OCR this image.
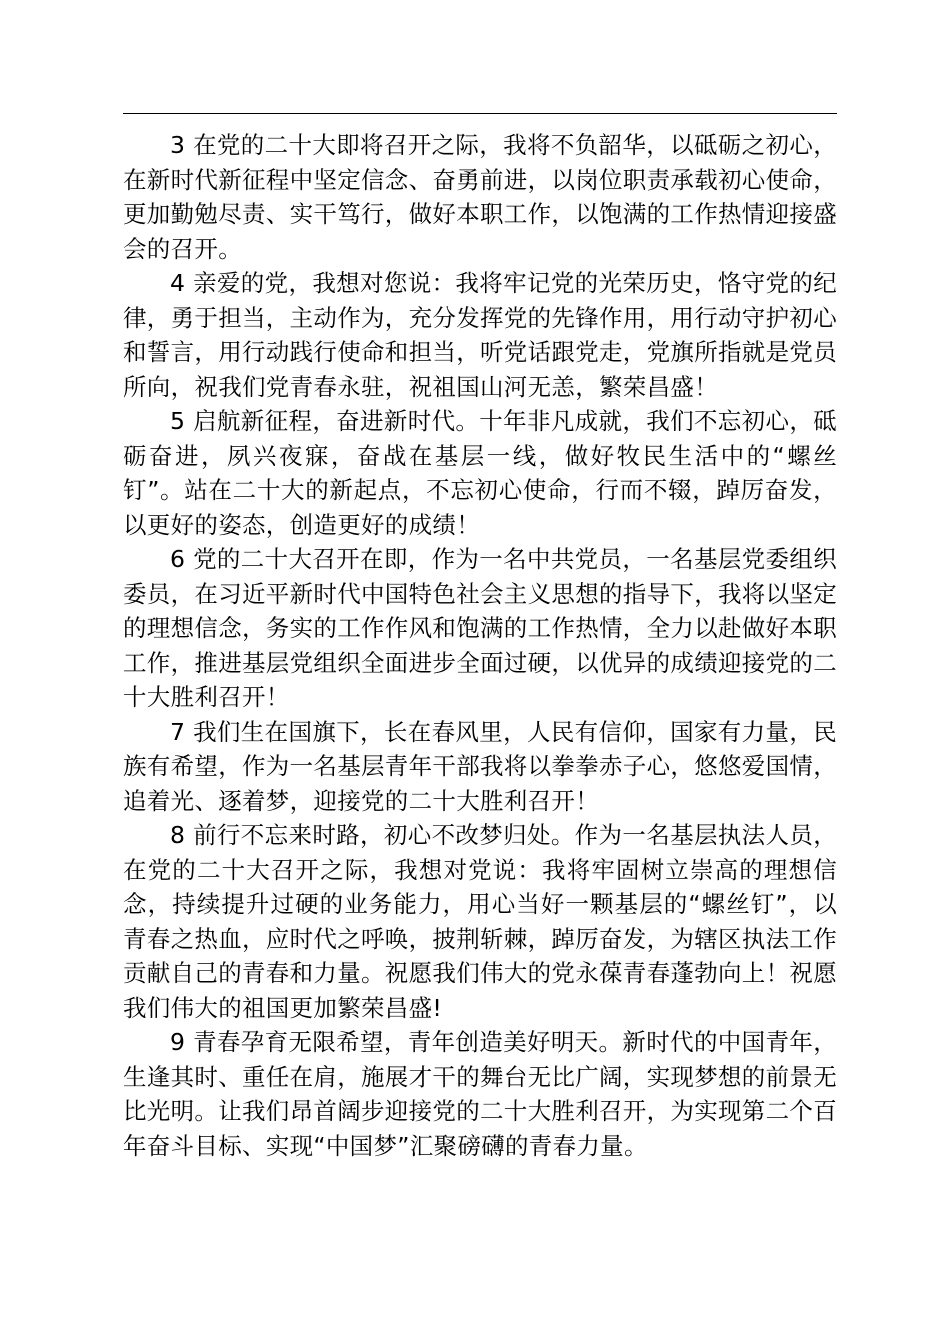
3 在党的二十大即将召开之际，我将不负韶华，以砥砺之初心，在新时代新征程中坚定信念、奋勇前进，以岗位职责承载初心使命，更加勤勉尽责、实干笃行，做好本职工作，以饱满的工作热情迎接盛会的召开。

4 亲爱的党，我想对您说：我将牢记党的光荣历史，恪守党的纪律，勇于担当，主动作为，充分发挥党的先锋作用，用行动守护初心和誓言，用行动践行使命和担当，听党话跟党走，党旗所指就是党员所向，祝我们党青春永驻，祝祖国山河无恙，繁荣昌盛！

5 启航新征程，奋进新时代。十年非凡成就，我们不忘初心，砥砺奋进，夙兴夜寐，奋战在基层一线，做好牧民生活中的“螺丝钉”。站在二十大的新起点，不忘初心使命，行而不辍，踔厉奋发，以更好的姿态，创造更好的成绩！

6 党的二十大召开在即，作为一名中共党员，一名基层党委组织委员，在习近平新时代中国特色社会主义思想的指导下，我将以坚定的理想信念，务实的工作作风和饱满的工作热情，全力以赴做好本职工作，推进基层党组织全面进步全面过硬，以优异的成绩迎接党的二十大胜利召开！

7 我们生在国旗下，长在春风里，人民有信仰，国家有力量，民族有希望，作为一名基层青年干部我将以拳拳赤子心，悠悠爱国情，追着光、逐着梦，迎接党的二十大胜利召开！

8 前行不忘来时路，初心不改梦归处。作为一名基层执法人员，在党的二十大召开之际，我想对党说：我将牢固树立崇高的理想信念，持续提升过硬的业务能力，用心当好一颗基层的“螺丝钉”，以青春之热血，应时代之呼唤，披荆斩棘，踔厉奋发，为辖区执法工作贡献自己的青春和力量。祝愿我们伟大的党永葆青春蓬勃向上！祝愿我们伟大的祖国更加繁荣昌盛!

9 青春孕育无限希望，青年创造美好明天。新时代的中国青年，生逢其时、重任在肩，施展才干的舞台无比广阔，实现梦想的前景无比光明。让我们昂首阔步迎接党的二十大胜利召开，为实现第二个百年奋斗目标、实现“中国梦”汇聚磅礴的青春力量。
